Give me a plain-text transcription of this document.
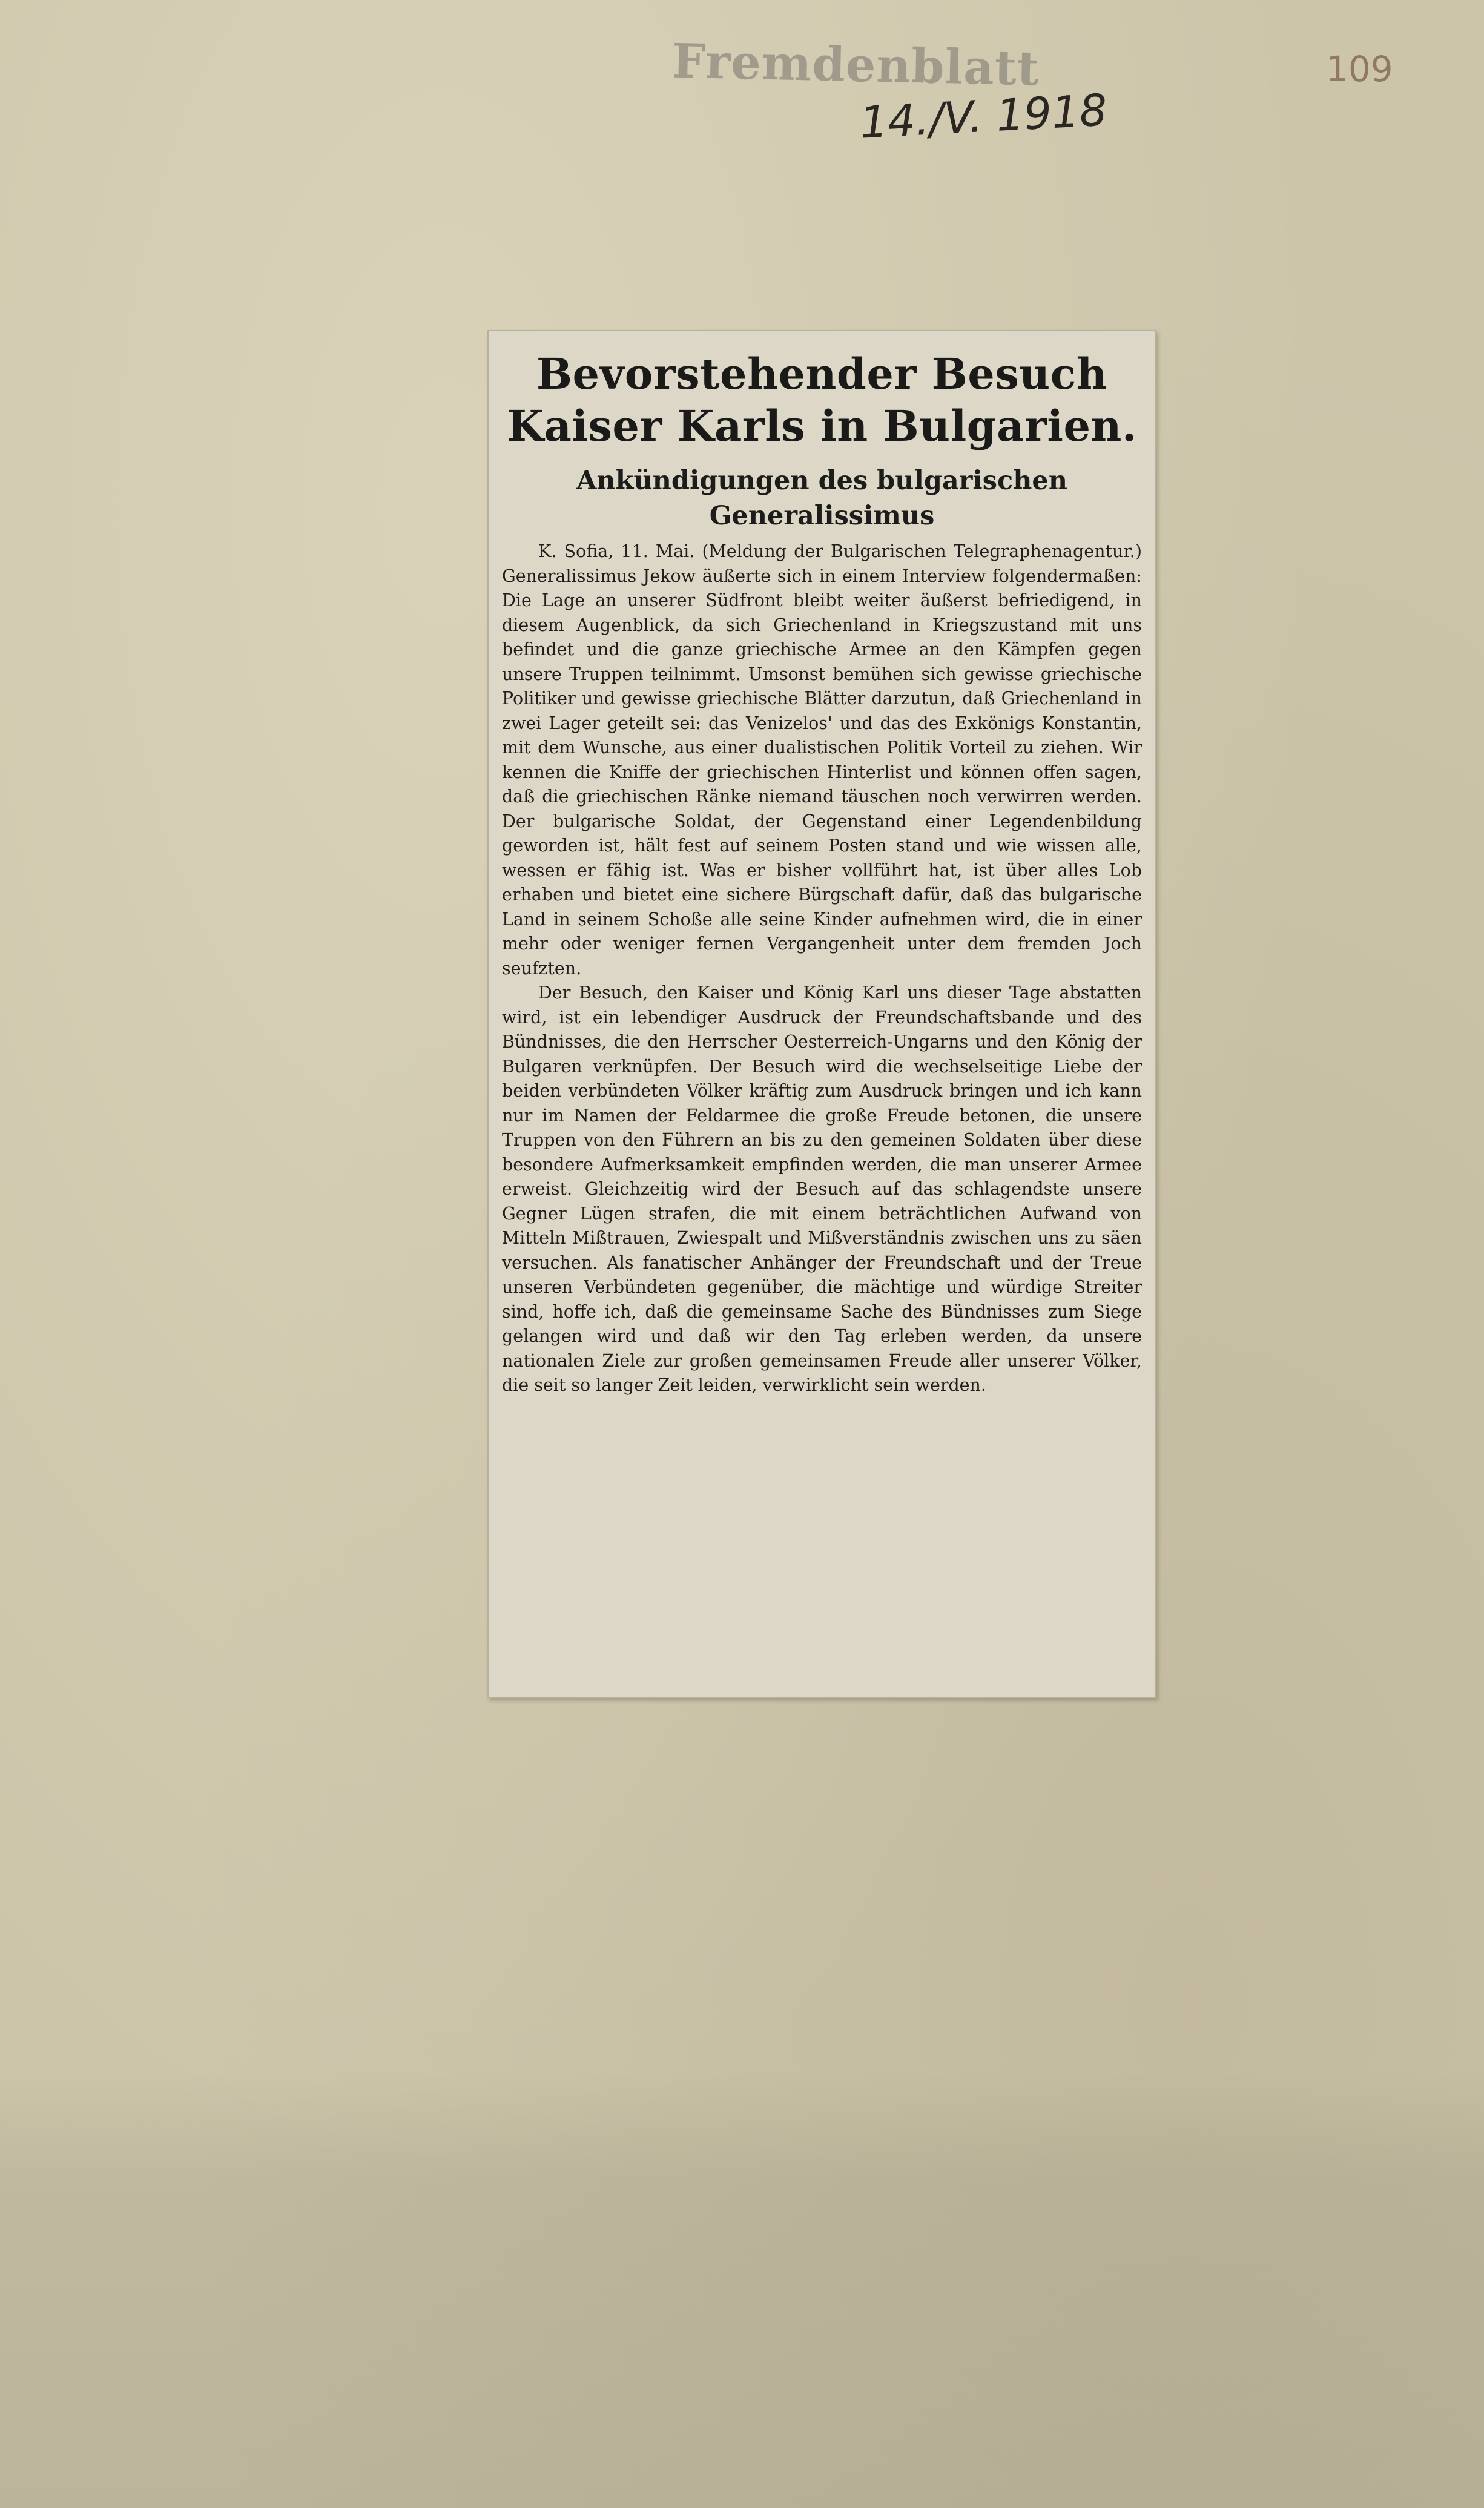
Fremdenblatt
14./V. 1918
109
Bevorstehender Besuch Kaiser Karls in Bulgarien.
Ankündigungen des bulgarischen Generalissimus

K. Sofia, 11. Mai. (Meldung der Bulgarischen Telegraphenagentur.) Generalissimus Jekow äußerte sich in einem Interview folgendermaßen: Die Lage an unserer Südfront bleibt weiter äußerst befriedigend, in diesem Augenblick, da sich Griechenland in Kriegszustand mit uns befindet und die ganze griechische Armee an den Kämpfen gegen unsere Truppen teilnimmt. Umsonst bemühen sich gewisse griechische Politiker und gewisse griechische Blätter darzutun, daß Griechenland in zwei Lager geteilt sei: das Venizelos' und das des Exkönigs Konstantin, mit dem Wunsche, aus einer dualistischen Politik Vorteil zu ziehen. Wir kennen die Kniffe der griechischen Hinterlist und können offen sagen, daß die griechischen Ränke niemand täuschen noch verwirren werden. Der bulgarische Soldat, der Gegenstand einer Legendenbildung geworden ist, hält fest auf seinem Posten stand und wie wissen alle, wessen er fähig ist. Was er bisher vollführt hat, ist über alles Lob erhaben und bietet eine sichere Bürgschaft dafür, daß das bulgarische Land in seinem Schoße alle seine Kinder aufnehmen wird, die in einer mehr oder weniger fernen Vergangenheit unter dem fremden Joch seufzten.

Der Besuch, den Kaiser und König Karl uns dieser Tage abstatten wird, ist ein lebendiger Ausdruck der Freundschaftsbande und des Bündnisses, die den Herrscher Oesterreich-Ungarns und den König der Bulgaren verknüpfen. Der Besuch wird die wechselseitige Liebe der beiden verbündeten Völker kräftig zum Ausdruck bringen und ich kann nur im Namen der Feldarmee die große Freude betonen, die unsere Truppen von den Führern an bis zu den gemeinen Soldaten über diese besondere Aufmerksamkeit empfinden werden, die man unserer Armee erweist. Gleichzeitig wird der Besuch auf das schlagendste unsere Gegner Lügen strafen, die mit einem beträchtlichen Aufwand von Mitteln Mißtrauen, Zwiespalt und Mißverständnis zwischen uns zu säen versuchen. Als fanatischer Anhänger der Freundschaft und der Treue unseren Verbündeten gegenüber, die mächtige und würdige Streiter sind, hoffe ich, daß die gemeinsame Sache des Bündnisses zum Siege gelangen wird und daß wir den Tag erleben werden, da unsere nationalen Ziele zur großen gemeinsamen Freude aller unserer Völker, die seit so langer Zeit leiden, verwirklicht sein werden.
